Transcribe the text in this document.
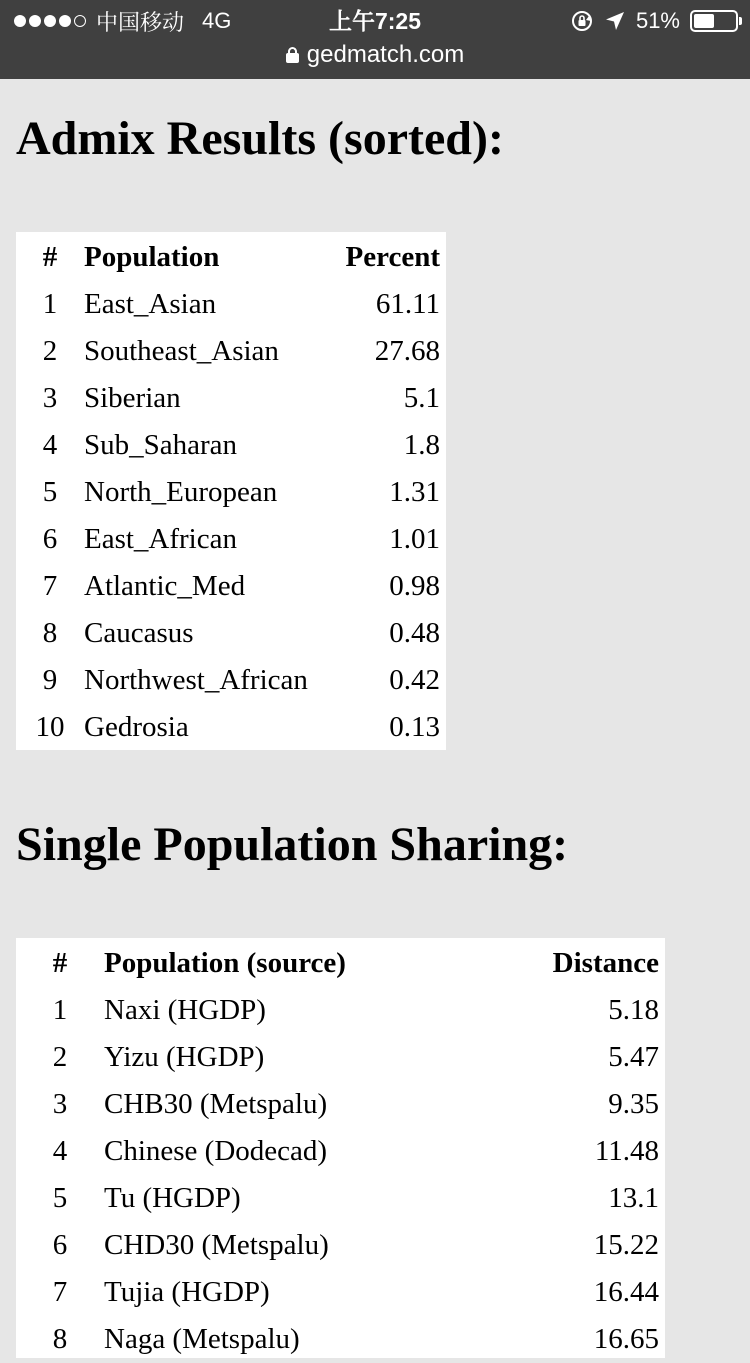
中国移动 4G	上午7:25	51%
gedmatch.com
Admix Results (sorted):
#	Population	Percent
1	East_Asian	61.11
2	Southeast_Asian	27.68
3	Siberian	5.1
4	Sub_Saharan	1.8
5	North_European	1.31
6	East_African	1.01
7	Atlantic_Med	0.98
8	Caucasus	0.48
9	Northwest_African	0.42
10	Gedrosia	0.13
Single Population Sharing:
#	Population (source)	Distance
1	Naxi (HGDP)	5.18
2	Yizu (HGDP)	5.47
3	CHB30 (Metspalu)	9.35
4	Chinese (Dodecad)	11.48
5	Tu (HGDP)	13.1
6	CHD30 (Metspalu)	15.22
7	Tujia (HGDP)	16.44
8	Naga (Metspalu)	16.65
